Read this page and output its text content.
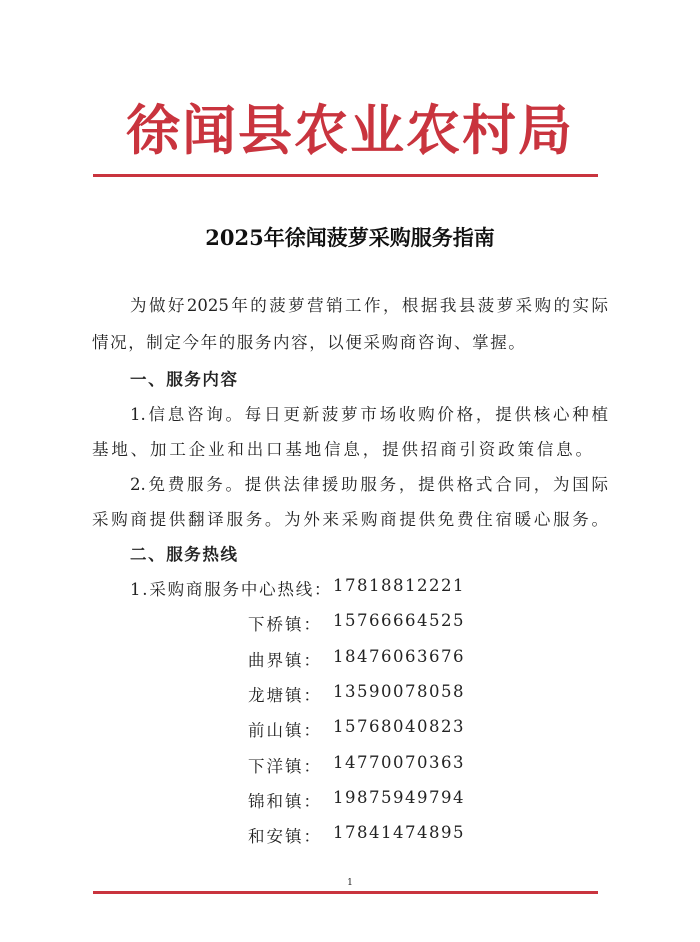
徐闻县农业农村局
2025年徐闻菠萝采购服务指南
为做好2025年的菠萝营销工作，根据我县菠萝采购的实际
情况，制定今年的服务内容，以便采购商咨询、掌握。
一、服务内容
1.信息咨询。每日更新菠萝市场收购价格，提供核心种植
基地、加工企业和出口基地信息，提供招商引资政策信息。
2.免费服务。提供法律援助服务，提供格式合同，为国际
采购商提供翻译服务。为外来采购商提供免费住宿暖心服务。
二、服务热线
1.采购商服务中心热线： 17818812221
下桥镇： 15766664525
曲界镇： 18476063676
龙塘镇： 13590078058
前山镇： 15768040823
下洋镇： 14770070363
锦和镇： 19875949794
和安镇： 17841474895
1
